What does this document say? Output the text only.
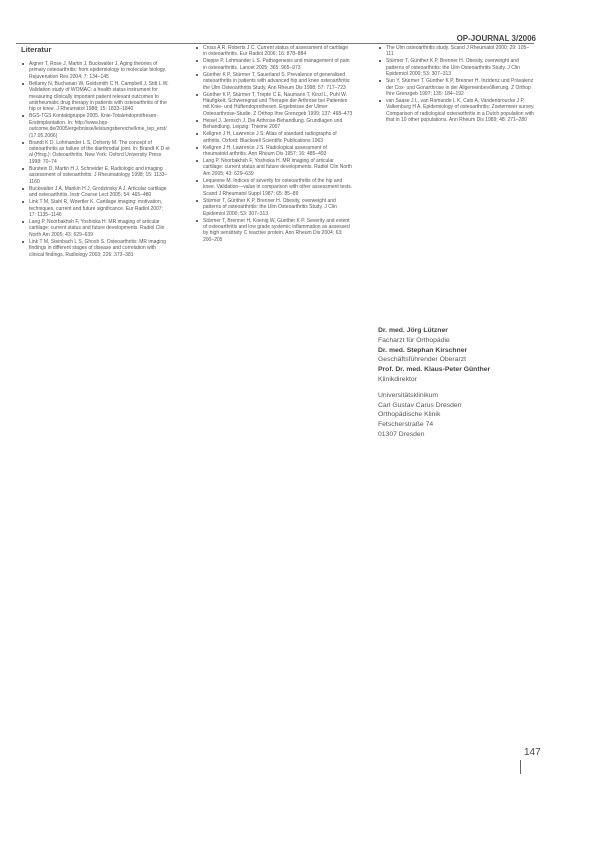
OP-JOURNAL 3/2006
Literatur
Aigner T, Rose J, Martin J, Buckwalter J. Aging theories of primary osteoarthritis: from epidemiology to molecular biology. Rejuvenation Res 2004; 7: 134–145
Bellamy N, Buchanan W, Goldsmith C H, Campbell J, Stitt L W. Validation study of WOMAC: a health status instrument for measuring clinically important patient relevant outcomes to antirheumatic drug therapy in patients with osteoarthritis of the hip or knee. J Rheumatol 1988; 15: 1833–1840
BGS-TGS Kontaktgruppe 2005. Knie-Totalendoprothesen-Erstimplantation. In: http://www.bqs-outcome.de/2005/ergebnisse/leistungsbereiche/knie_tep_erst/ (17.05.2006)
Brandt K D. Lohmander L S, Doherty M. The concept of osteoarthritis as failure of the diarthrodial joint. In: Brandt K D et al (Hrsg.): Osteoarthritis. New York: Oxford University Press 1998: 70–74
Burstein D, Martin H J, Schneider E. Radiologic and imaging assessment of osteoarthritis. J Rheumatology 1998; 15: 1133–1160
Buckwalter J A, Mankin H J, Grodzinsky A J. Articular cartilage and osteoarthritis. Instr Course Lect 2005; 54: 465–480
Link T M, Stahl R, Woertler K. Cartilage imaging: motivation, techniques, current and future significance. Eur Radiol 2007; 17: 1135–1146
Lang P, Noorbakhsh F, Yoshioka H. MR imaging of articular cartilage: current status and future developments. Radiol Clin North Am 2005; 43: 629–639
Link T M, Steinbach L S, Ghosh S. Osteoarthritis: MR imaging findings in different stages of disease and correlation with clinical findings. Radiology 2003; 226: 373–381
Cross A R, Roberts J C. Current status of assessment of cartilage in osteoarthritis. Eur Radiol 2006; 16: 878–884
Dieppe P, Lohmander L S. Pathogenesis and management of pain in osteoarthritis. Lancet 2005; 365: 965–973
Günther K P, Stürmer T, Sauerland S. Prevalence of generalised osteoarthritis in patients with advanced hip and knee osteoarthritis: the Ulm Osteoarthritis Study. Ann Rheum Dis 1998; 57: 717–723
Günther K P, Stürmer T, Trepte C E, Naumann T, Kinzl L, Puhl W. Häufigkeit, Schweregrad und Therapie der Arthrose bei Patienten mit Knie- und Hüftendoprothesen. Ergebnisse der Ulmer Osteoarthrose-Studie. Z Orthop Ihre Grenzgeb 1999; 137: 468–473
Heisel J, Jerosch J. Die Arthrose-Behandlung. Grundlagen und Behandlung. Leipzig: Thieme 2007
Kellgren J H, Lawrence J S. Atlas of standard radiographs of arthritis. Oxford: Blackwell Scientific Publications 1963
Kellgren J H, Lawrence J S. Radiological assessment of rheumatoid arthritis. Ann Rheum Dis 1957; 16: 485–493
Lang P, Noorbakhsh F, Yoshioka H. MR imaging of articular cartilage: current status and future developments. Radiol Clin North Am 2005; 43: 629–639
Lequesne M. Indices of severity for osteoarthritis of the hip and knee. Validation—value in comparison with other assessment tests. Scand J Rheumatol Suppl 1987; 65: 85–89
Stürmer T, Günther K P, Brenner H. Obesity, overweight and patterns of osteoarthritis: the Ulm Osteoarthritis Study. J Clin Epidemiol 2000; 53: 307–313
Stürmer T, Brenner H, Koenig W, Günther K P. Severity and extent of osteoarthritis and low grade systemic inflammation as assessed by high sensitivity C reactive protein. Ann Rheum Dis 2004; 63: 200–205
The Ulm osteoarthritis study. Scand J Rheumatol 2000; 29: 105–111
Stürmer T, Günther K P, Brenner H. Obesity, overweight and patterns of osteoarthritis: the Ulm Osteoarthritis Study. J Clin Epidemiol 2000; 53: 307–313
Sun Y, Stürmer T, Günther K P, Brenner H. Inzidenz und Prävalenz der Cox- und Gonarthrose in der Allgemeinbevölkerung. Z Orthop Ihre Grenzgeb 1997; 135: 184–192
van Saase J L, van Romunde L K, Cats A, Vandenbroucke J P, Valkenburg H A. Epidemiology of osteoarthritis: Zoetermeer survey. Comparison of radiological osteoarthritis in a Dutch population with that in 10 other populations. Ann Rheum Dis 1989; 48: 271–280
Dr. med. Jörg Lützner
Facharzt für Orthopädie
Dr. med. Stephan Kirschner
Geschäftsführender Oberarzt
Prof. Dr. med. Klaus-Peter Günther
Klinikdirektor
Universitätsklinikum
Carl Gustav Carus Dresden
Orthopädische Klinik
Fetscherstraße 74
01307 Dresden
147
